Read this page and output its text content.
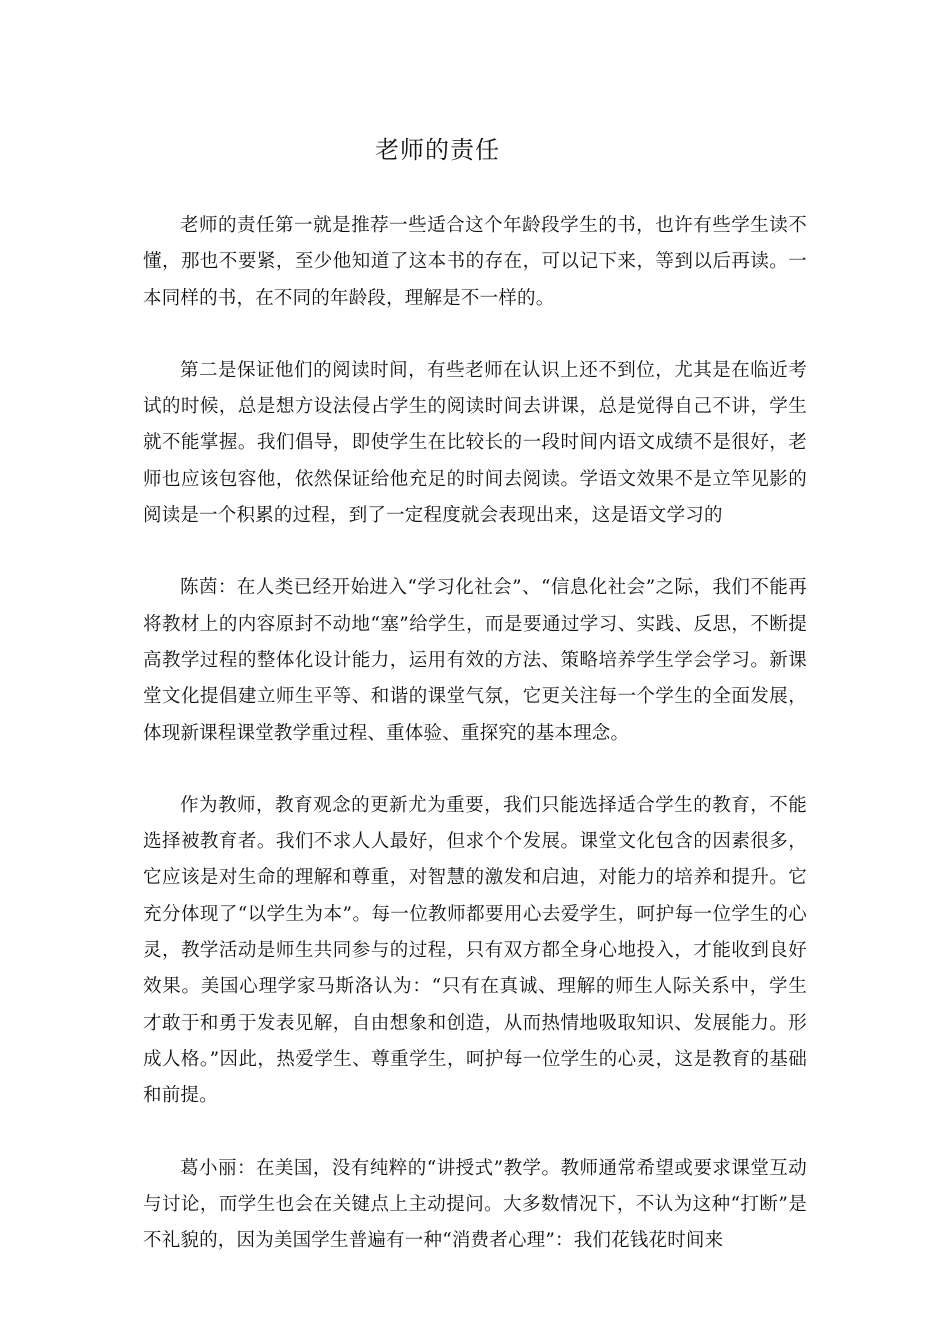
老师的责任

老师的责任第一就是推荐一些适合这个年龄段学生的书，也许有些学生读不懂，那也不要紧，至少他知道了这本书的存在，可以记下来，等到以后再读。一本同样的书，在不同的年龄段，理解是不一样的。

第二是保证他们的阅读时间，有些老师在认识上还不到位，尤其是在临近考试的时候，总是想方设法侵占学生的阅读时间去讲课，总是觉得自己不讲，学生就不能掌握。我们倡导，即使学生在比较长的一段时间内语文成绩不是很好，老师也应该包容他，依然保证给他充足的时间去阅读。学语文效果不是立竿见影的阅读是一个积累的过程，到了一定程度就会表现出来，这是语文学习的

陈茵：在人类已经开始进入“学习化社会”、“信息化社会”之际，我们不能再将教材上的内容原封不动地“塞”给学生，而是要通过学习、实践、反思，不断提高教学过程的整体化设计能力，运用有效的方法、策略培养学生学会学习。新课堂文化提倡建立师生平等、和谐的课堂气氛，它更关注每一个学生的全面发展，体现新课程课堂教学重过程、重体验、重探究的基本理念。

作为教师，教育观念的更新尤为重要，我们只能选择适合学生的教育，不能选择被教育者。我们不求人人最好，但求个个发展。课堂文化包含的因素很多，它应该是对生命的理解和尊重，对智慧的激发和启迪，对能力的培养和提升。它充分体现了“以学生为本”。每一位教师都要用心去爱学生，呵护每一位学生的心灵，教学活动是师生共同参与的过程，只有双方都全身心地投入，才能收到良好效果。美国心理学家马斯洛认为：“只有在真诚、理解的师生人际关系中，学生才敢于和勇于发表见解，自由想象和创造，从而热情地吸取知识、发展能力。形成人格。”因此，热爱学生、尊重学生，呵护每一位学生的心灵，这是教育的基础和前提。

葛小丽：在美国，没有纯粹的“讲授式”教学。教师通常希望或要求课堂互动与讨论，而学生也会在关键点上主动提问。大多数情况下，不认为这种“打断”是不礼貌的，因为美国学生普遍有一种“消费者心理”：我们花钱花时间来
